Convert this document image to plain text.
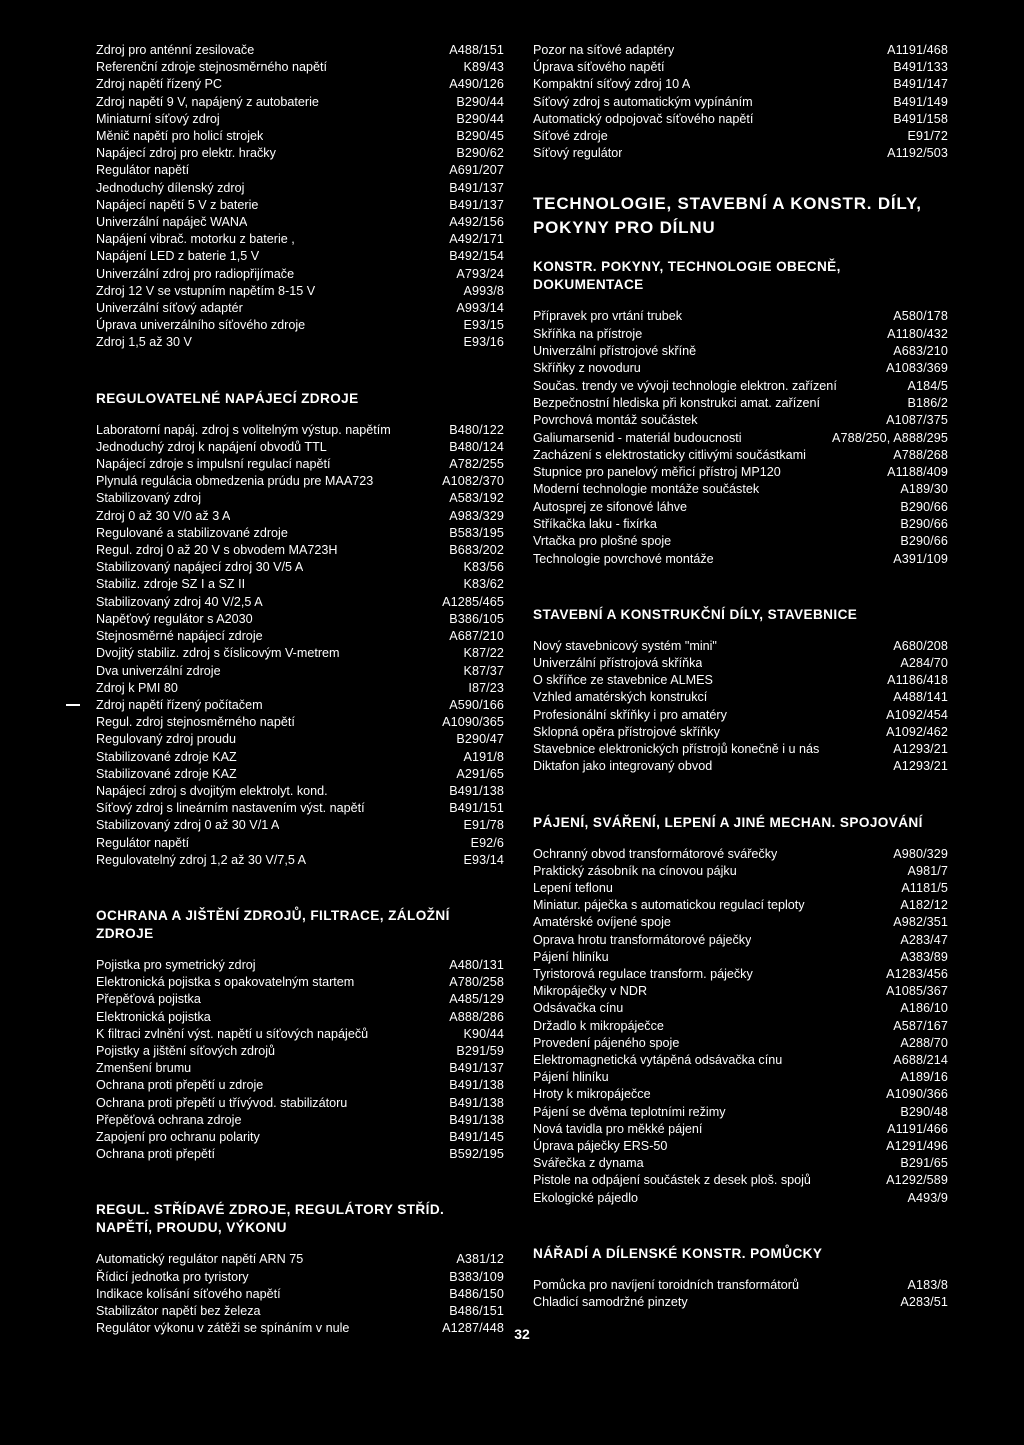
Zdroj pro anténní zesilovače	A488/151
Referenční zdroje stejnosměrného napětí	K89/43
Zdroj napětí řízený PC	A490/126
Zdroj napětí 9 V, napájený z autobaterie	B290/44
Miniaturní síťový zdroj	B290/44
Měnič napětí pro holicí strojek	B290/45
Napájecí zdroj pro elektr. hračky	B290/62
Regulátor napětí	A691/207
Jednoduchý dílenský zdroj	B491/137
Napájecí napětí 5 V z baterie	B491/137
Univerzální napáječ WANA	A492/156
Napájení vibrač. motorku z baterie ,	A492/171
Napájení LED z baterie 1,5 V	B492/154
Univerzální zdroj pro radiopřijímače	A793/24
Zdroj 12 V se vstupním napětím 8-15 V	A993/8
Univerzální síťový adaptér	A993/14
Úprava univerzálního síťového zdroje	E93/15
Zdroj 1,5 až 30 V	E93/16
REGULOVATELNÉ NAPÁJECÍ ZDROJE
Laboratorní napáj. zdroj s volitelným výstup. napětím	B480/122
Jednoduchý zdroj k napájení obvodů TTL	B480/124
Napájecí zdroje s impulsní regulací napětí	A782/255
Plynulá regulácia obmedzenia prúdu pre MAA723	A1082/370
Stabilizovaný zdroj	A583/192
Zdroj 0 až 30 V/0 až 3 A	A983/329
Regulované a stabilizované zdroje	B583/195
Regul. zdroj 0 až 20 V s obvodem MA723H	B683/202
Stabilizovaný napájecí zdroj 30 V/5 A	K83/56
Stabiliz. zdroje SZ I a SZ II	K83/62
Stabilizovaný zdroj 40 V/2,5 A	A1285/465
Napěťový regulátor s A2030	B386/105
Stejnosměrné napájecí zdroje	A687/210
Dvojitý stabiliz. zdroj s číslicovým V-metrem	K87/22
Dva univerzální zdroje	K87/37
Zdroj k PMI 80	I87/23
Zdroj napětí řízený počítačem	A590/166
Regul. zdroj stejnosměrného napětí	A1090/365
Regulovaný zdroj proudu	B290/47
Stabilizované zdroje KAZ	A191/8
Stabilizované zdroje KAZ	A291/65
Napájecí zdroj s dvojitým elektrolyt. kond.	B491/138
Síťový zdroj s lineárním nastavením výst. napětí	B491/151
Stabilizovaný zdroj 0 až 30 V/1 A	E91/78
Regulátor napětí	E92/6
Regulovatelný zdroj 1,2 až 30 V/7,5 A	E93/14
OCHRANA A JIŠTĚNÍ ZDROJŮ, FILTRACE, ZÁLOŽNÍ ZDROJE
Pojistka pro symetrický zdroj	A480/131
Elektronická pojistka s opakovatelným startem	A780/258
Přepěťová pojistka	A485/129
Elektronická pojistka	A888/286
K filtraci zvlnění výst. napětí u síťových napáječů	K90/44
Pojistky a jištění síťových zdrojů	B291/59
Zmenšení brumu	B491/137
Ochrana proti přepětí u zdroje	B491/138
Ochrana proti přepětí u třívývod. stabilizátoru	B491/138
Přepěťová ochrana zdroje	B491/138
Zapojení pro ochranu polarity	B491/145
Ochrana proti přepětí	B592/195
REGUL. STŘÍDAVÉ ZDROJE, REGULÁTORY STŘÍD. NAPĚTÍ, PROUDU, VÝKONU
Automatický regulátor napětí ARN 75	A381/12
Řídicí jednotka pro tyristory	B383/109
Indikace kolísání síťového napětí	B486/150
Stabilizátor napětí bez železa	B486/151
Regulátor výkonu v zátěži se spínáním v nule	A1287/448
Pozor na síťové adaptéry	A1191/468
Úprava síťového napětí	B491/133
Kompaktní síťový zdroj 10 A	B491/147
Síťový zdroj s automatickým vypínáním	B491/149
Automatický odpojovač síťového napětí	B491/158
Síťové zdroje	E91/72
Síťový regulátor	A1192/503
TECHNOLOGIE, STAVEBNÍ A KONSTR. DÍLY, POKYNY PRO DÍLNU
KONSTR. POKYNY, TECHNOLOGIE OBECNĚ, DOKUMENTACE
Přípravek pro vrtání trubek	A580/178
Skříňka na přístroje	A1180/432
Univerzální přístrojové skříně	A683/210
Skříňky z novoduru	A1083/369
Součas. trendy ve vývoji technologie elektron. zařízení	A184/5
Bezpečnostní hlediska při konstrukci amat. zařízení	B186/2
Povrchová montáž součástek	A1087/375
Galiumarsenid - materiál budoucnosti	A788/250, A888/295
Zacházení s elektrostaticky citlivými součástkami	A788/268
Stupnice pro panelový měřicí přístroj MP120	A1188/409
Moderní technologie montáže součástek	A189/30
Autosprej ze sifonové láhve	B290/66
Stříkačka laku - fixírka	B290/66
Vrtačka pro plošné spoje	B290/66
Technologie povrchové montáže	A391/109
STAVEBNÍ A KONSTRUKČNÍ DÍLY, STAVEBNICE
Nový stavebnicový systém "mini"	A680/208
Univerzální přístrojová skříňka	A284/70
O skříňce ze stavebnice ALMES	A1186/418
Vzhled amatérských konstrukcí	A488/141
Profesionální skříňky i pro amatéry	A1092/454
Sklopná opěra přístrojové skříňky	A1092/462
Stavebnice elektronických přístrojů konečně i u nás	A1293/21
Diktafon jako integrovaný obvod	A1293/21
PÁJENÍ, SVÁŘENÍ, LEPENÍ A JINÉ MECHAN. SPOJOVÁNÍ
Ochranný obvod transformátorové svářečky	A980/329
Praktický zásobník na cínovou pájku	A981/7
Lepení teflonu	A1181/5
Miniatur. páječka s automatickou regulací teploty	A182/12
Amatérské ovíjené spoje	A982/351
Oprava hrotu transformátorové páječky	A283/47
Pájení hliníku	A383/89
Tyristorová regulace transform. páječky	A1283/456
Mikropáječky v NDR	A1085/367
Odsávačka cínu	A186/10
Držadlo k mikropáječce	A587/167
Provedení pájeného spoje	A288/70
Elektromagnetická vytápěná odsávačka cínu	A688/214
Pájení hliníku	A189/16
Hroty k mikropáječce	A1090/366
Pájení se dvěma teplotními režimy	B290/48
Nová tavidla pro měkké pájení	A1191/466
Úprava páječky ERS-50	A1291/496
Svářečka z dynama	B291/65
Pistole na odpájení součástek z desek ploš. spojů	A1292/589
Ekologické pájedlo	A493/9
NÁŘADÍ A DÍLENSKÉ KONSTR. POMŮCKY
Pomůcka pro navíjení toroidních transformátorů	A183/8
Chladicí samodržné pinzety	A283/51
32
